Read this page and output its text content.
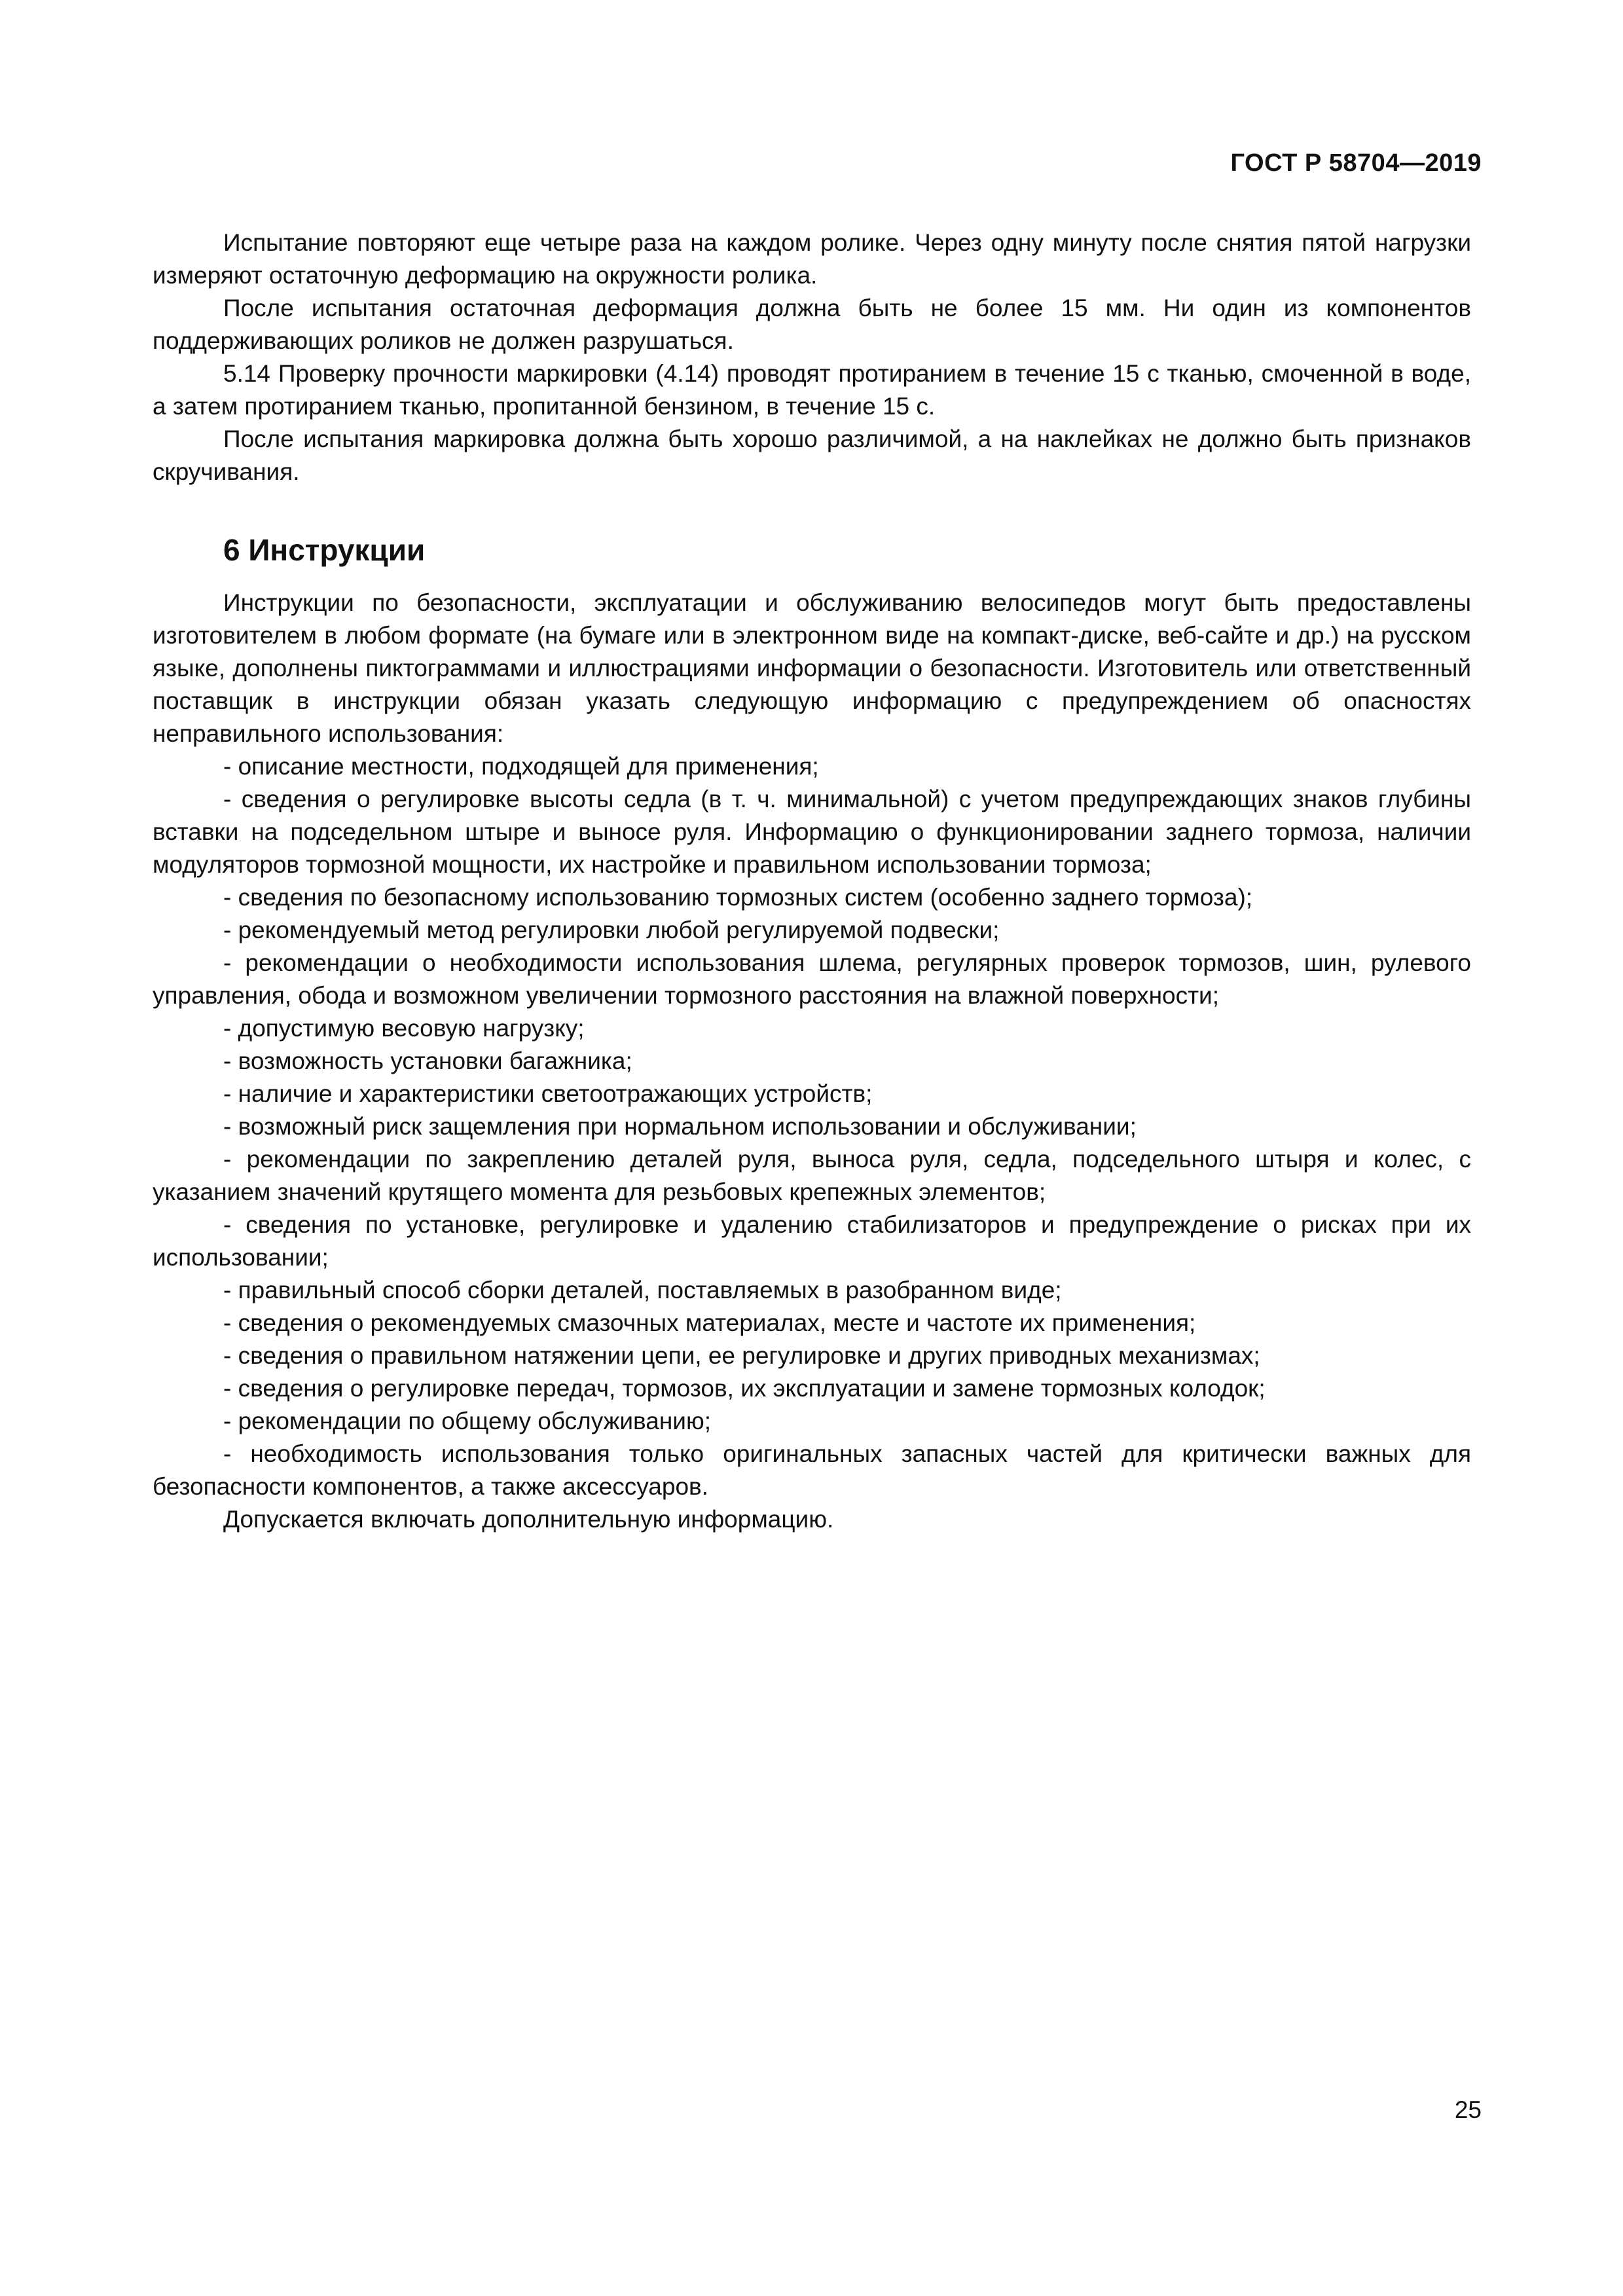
ГОСТ Р 58704—2019

Испытание повторяют еще четыре раза на каждом ролике. Через одну минуту после снятия пятой нагрузки измеряют остаточную деформацию на окружности ролика.

После испытания остаточная деформация должна быть не более 15 мм. Ни один из компонентов поддерживающих роликов не должен разрушаться.

5.14 Проверку прочности маркировки (4.14) проводят протиранием в течение 15 с тканью, смоченной в воде, а затем протиранием тканью, пропитанной бензином, в течение 15 с.

После испытания маркировка должна быть хорошо различимой, а на наклейках не должно быть признаков скручивания.

6 Инструкции

Инструкции по безопасности, эксплуатации и обслуживанию велосипедов могут быть предоставлены изготовителем в любом формате (на бумаге или в электронном виде на компакт-диске, веб-сайте и др.) на русском языке, дополнены пиктограммами и иллюстрациями информации о безопасности. Изготовитель или ответственный поставщик в инструкции обязан указать следующую информацию с предупреждением об опасностях неправильного использования:

- описание местности, подходящей для применения;

- сведения о регулировке высоты седла (в т. ч. минимальной) с учетом предупреждающих знаков глубины вставки на подседельном штыре и выносе руля. Информацию о функционировании заднего тормоза, наличии модуляторов тормозной мощности, их настройке и правильном использовании тормоза;

- сведения по безопасному использованию тормозных систем (особенно заднего тормоза);

- рекомендуемый метод регулировки любой регулируемой подвески;

- рекомендации о необходимости использования шлема, регулярных проверок тормозов, шин, рулевого управления, обода и возможном увеличении тормозного расстояния на влажной поверхности;

- допустимую весовую нагрузку;

- возможность установки багажника;

- наличие и характеристики светоотражающих устройств;

- возможный риск защемления при нормальном использовании и обслуживании;

- рекомендации по закреплению деталей руля, выноса руля, седла, подседельного штыря и колес, с указанием значений крутящего момента для резьбовых крепежных элементов;

- сведения по установке, регулировке и удалению стабилизаторов и предупреждение о рисках при их использовании;

- правильный способ сборки деталей, поставляемых в разобранном виде;

- сведения о рекомендуемых смазочных материалах, месте и частоте их применения;

- сведения о правильном натяжении цепи, ее регулировке и других приводных механизмах;

- сведения о регулировке передач, тормозов, их эксплуатации и замене тормозных колодок;

- рекомендации по общему обслуживанию;

- необходимость использования только оригинальных запасных частей для критически важных для безопасности компонентов, а также аксессуаров.

Допускается включать дополнительную информацию.

25
